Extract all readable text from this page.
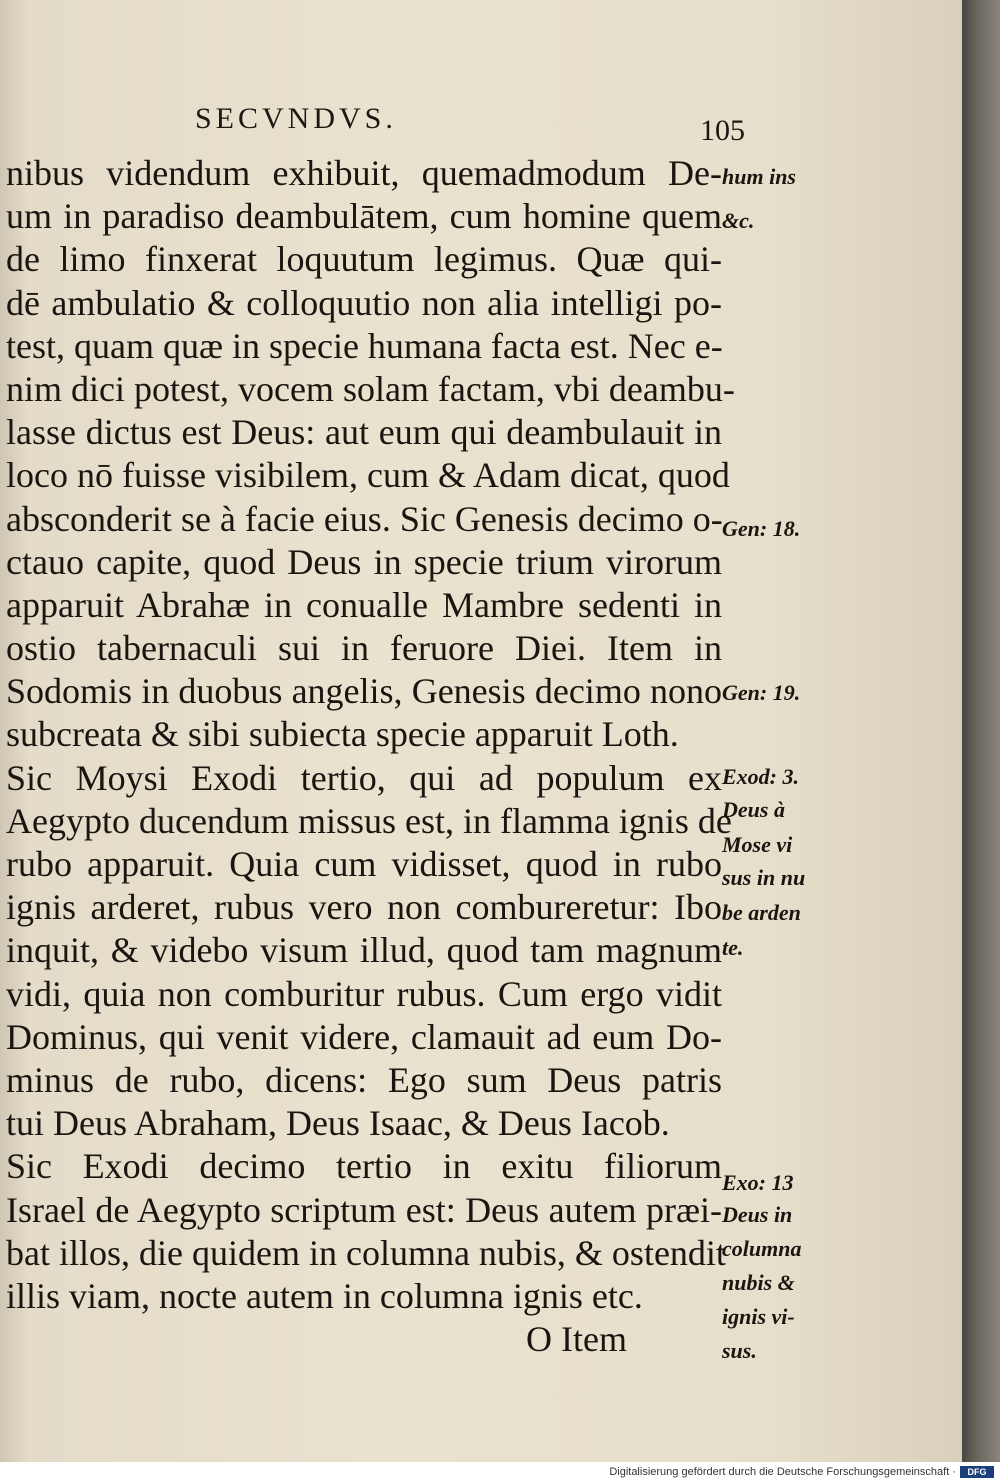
SECVNDVS.	105
nibus videndum exhibuit, quemadmodum De-
um in paradiso deambulātem, cum homine quem
de limo finxerat loquutum legimus. Quæ qui-
dē ambulatio & colloquutio non alia intelligi po-
test, quam quæ in specie humana facta est. Nec e-
nim dici potest, vocem solam factam, vbi deambu-
lasse dictus est Deus: aut eum qui deambulauit in
loco nō fuisse visibilem, cum & Adam dicat, quod
absconderit se à facie eius. Sic Genesis decimo o-
ctauo capite, quod Deus in specie trium virorum
apparuit Abrahæ in conualle Mambre sedenti in
ostio tabernaculi sui in feruore Diei. Item in
Sodomis in duobus angelis, Genesis decimo nono
subcreata & sibi subiecta specie apparuit Loth.
Sic Moysi Exodi tertio, qui ad populum ex
Aegypto ducendum missus est, in flamma ignis de
rubo apparuit. Quia cum vidisset, quod in rubo
ignis arderet, rubus vero non combureretur: Ibo
inquit, & videbo visum illud, quod tam magnum
vidi, quia non comburitur rubus. Cum ergo vidit
Dominus, qui venit videre, clamauit ad eum Do-
minus de rubo, dicens: Ego sum Deus patris
tui Deus Abraham, Deus Isaac, & Deus Iacob.
Sic Exodi decimo tertio in exitu filiorum
Israel de Aegypto scriptum est: Deus autem præi-
bat illos, die quidem in columna nubis, & ostendit
illis viam, nocte autem in columna ignis etc.
O Item
hum ins
&c.
Gen: 18.
Gen: 19.
Exod: 3.
Deus à
Mose vi
sus in nu
be arden
te.
Exo: 13
Deus in
columna
nubis &
ignis vi-
sus.
Digitalisierung gefördert durch die Deutsche Forschungsgemeinschaft ·	DFG
